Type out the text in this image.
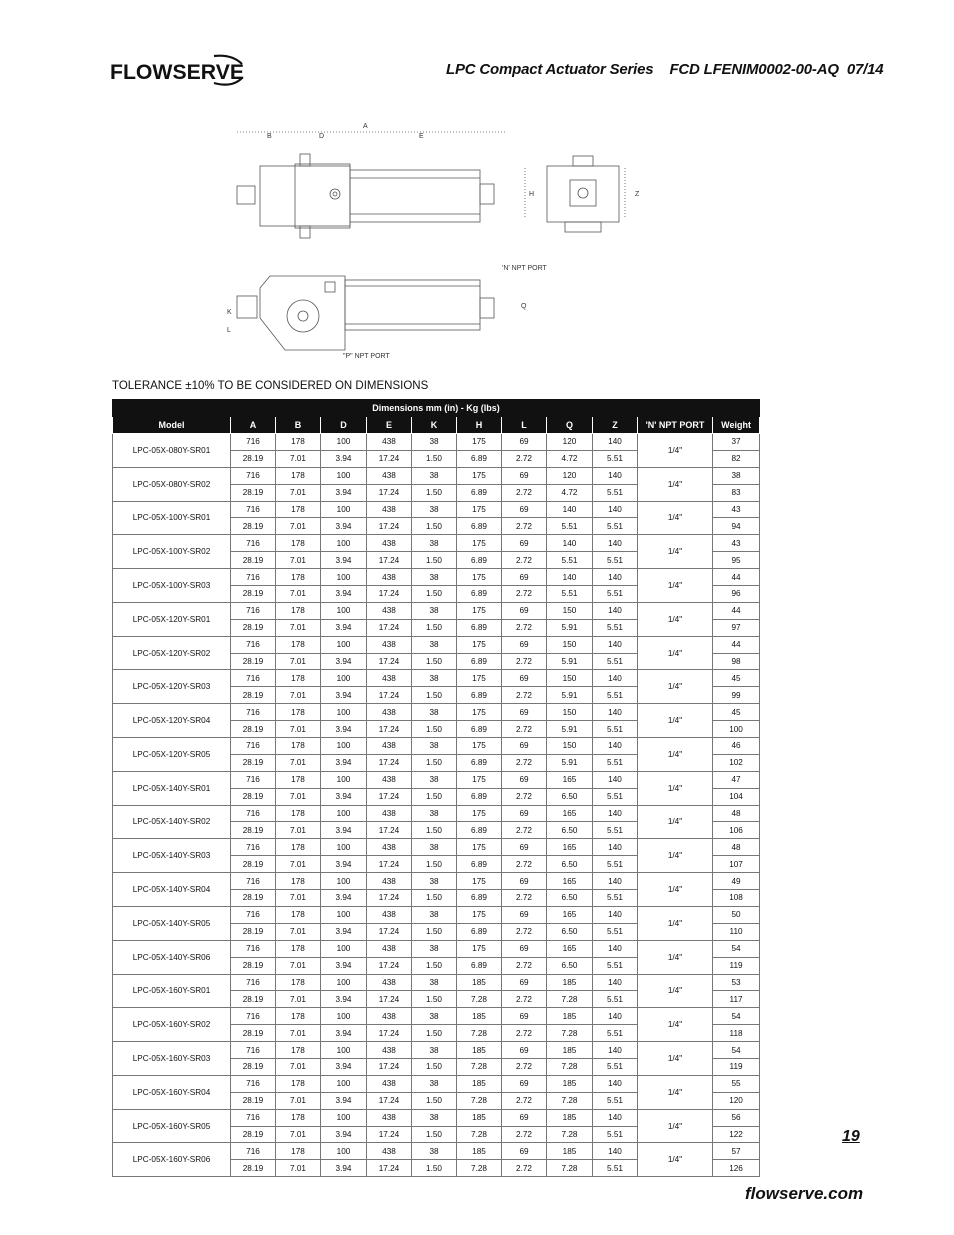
FLOWSERVE	LPC Compact Actuator Series FCD LFENIM0002-00-AQ 07/14
A
B	D	E
H	Z
Q
L
K
'N' NPT PORT
"P" NPT PORT
TOLERANCE ±10% TO BE CONSIDERED ON DIMENSIONS
Dimensions mm (in) - Kg (lbs)											
Model	A	B	D	E	K	H	L	Q	Z	'N' NPT PORT	Weight
LPC-05X-080Y-SR01	716	178	100	438	38	175	69	120	140	1/4"	37
	28.19	7.01	3.94	17.24	1.50	6.89	2.72	4.72	5.51		82
LPC-05X-080Y-SR02	716	178	100	438	38	175	69	120	140	1/4"	38
	28.19	7.01	3.94	17.24	1.50	6.89	2.72	4.72	5.51		83
LPC-05X-100Y-SR01	716	178	100	438	38	175	69	140	140	1/4"	43
	28.19	7.01	3.94	17.24	1.50	6.89	2.72	5.51	5.51		94
LPC-05X-100Y-SR02	716	178	100	438	38	175	69	140	140	1/4"	43
	28.19	7.01	3.94	17.24	1.50	6.89	2.72	5.51	5.51		95
LPC-05X-100Y-SR03	716	178	100	438	38	175	69	140	140	1/4"	44
	28.19	7.01	3.94	17.24	1.50	6.89	2.72	5.51	5.51		96
LPC-05X-120Y-SR01	716	178	100	438	38	175	69	150	140	1/4"	44
	28.19	7.01	3.94	17.24	1.50	6.89	2.72	5.91	5.51		97
LPC-05X-120Y-SR02	716	178	100	438	38	175	69	150	140	1/4"	44
	28.19	7.01	3.94	17.24	1.50	6.89	2.72	5.91	5.51		98
LPC-05X-120Y-SR03	716	178	100	438	38	175	69	150	140	1/4"	45
	28.19	7.01	3.94	17.24	1.50	6.89	2.72	5.91	5.51		99
LPC-05X-120Y-SR04	716	178	100	438	38	175	69	150	140	1/4"	45
	28.19	7.01	3.94	17.24	1.50	6.89	2.72	5.91	5.51		100
LPC-05X-120Y-SR05	716	178	100	438	38	175	69	150	140	1/4"	46
	28.19	7.01	3.94	17.24	1.50	6.89	2.72	5.91	5.51		102
LPC-05X-140Y-SR01	716	178	100	438	38	175	69	165	140	1/4"	47
	28.19	7.01	3.94	17.24	1.50	6.89	2.72	6.50	5.51		104
LPC-05X-140Y-SR02	716	178	100	438	38	175	69	165	140	1/4"	48
	28.19	7.01	3.94	17.24	1.50	6.89	2.72	6.50	5.51		106
LPC-05X-140Y-SR03	716	178	100	438	38	175	69	165	140	1/4"	48
	28.19	7.01	3.94	17.24	1.50	6.89	2.72	6.50	5.51		107
LPC-05X-140Y-SR04	716	178	100	438	38	175	69	165	140	1/4"	49
	28.19	7.01	3.94	17.24	1.50	6.89	2.72	6.50	5.51		108
LPC-05X-140Y-SR05	716	178	100	438	38	175	69	165	140	1/4"	50
	28.19	7.01	3.94	17.24	1.50	6.89	2.72	6.50	5.51		110
LPC-05X-140Y-SR06	716	178	100	438	38	175	69	165	140	1/4"	54
	28.19	7.01	3.94	17.24	1.50	6.89	2.72	6.50	5.51		119
LPC-05X-160Y-SR01	716	178	100	438	38	185	69	185	140	1/4"	53
	28.19	7.01	3.94	17.24	1.50	7.28	2.72	7.28	5.51		117
LPC-05X-160Y-SR02	716	178	100	438	38	185	69	185	140	1/4"	54
	28.19	7.01	3.94	17.24	1.50	7.28	2.72	7.28	5.51		118
LPC-05X-160Y-SR03	716	178	100	438	38	185	69	185	140	1/4"	54
	28.19	7.01	3.94	17.24	1.50	7.28	2.72	7.28	5.51		119
LPC-05X-160Y-SR04	716	178	100	438	38	185	69	185	140	1/4"	55
	28.19	7.01	3.94	17.24	1.50	7.28	2.72	7.28	5.51		120
LPC-05X-160Y-SR05	716	178	100	438	38	185	69	185	140	1/4"	56
	28.19	7.01	3.94	17.24	1.50	7.28	2.72	7.28	5.51		122
LPC-05X-160Y-SR06	716	178	100	438	38	185	69	185	140	1/4"	57
	28.19	7.01	3.94	17.24	1.50	7.28	2.72	7.28	5.51		126
19
flowserve.com
